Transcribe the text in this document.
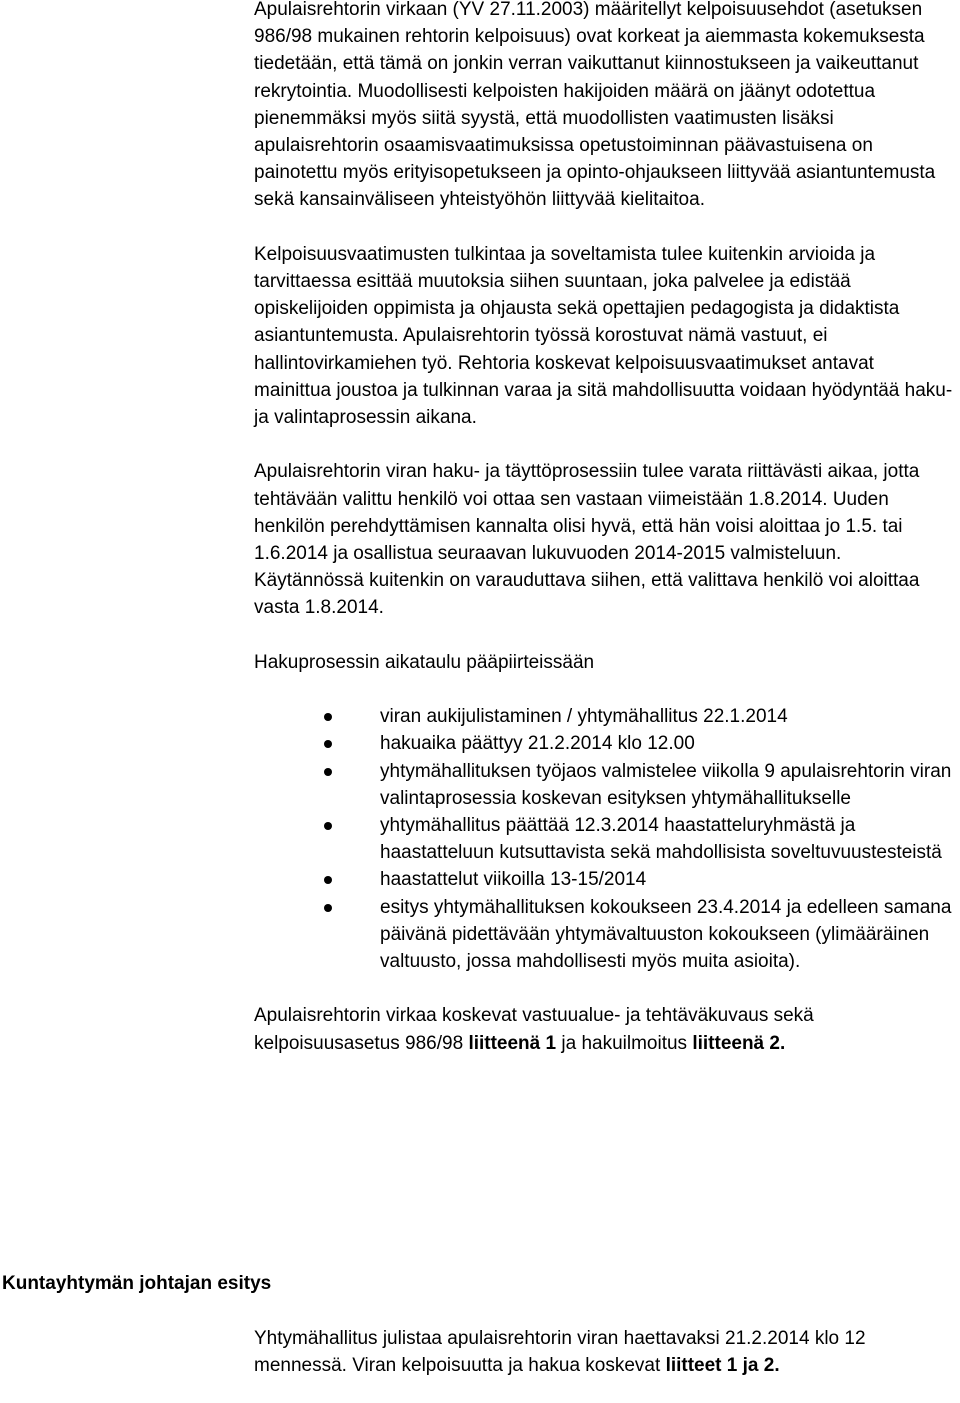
Apulaisrehtorin virkaan (YV 27.11.2003) määritellyt kelpoisuusehdot (asetuksen 986/98 mukainen rehtorin kelpoisuus) ovat korkeat ja aiemmasta kokemuksesta tiedetään, että tämä on jonkin verran vaikuttanut kiinnostukseen ja vaikeuttanut rekrytointia. Muodollisesti kelpoisten hakijoiden määrä on jäänyt odotettua pienemmäksi myös siitä syystä, että muodollisten vaatimusten lisäksi apulaisrehtorin osaamisvaatimuksissa opetustoiminnan päävastuisena on painotettu myös erityisopetukseen ja opinto-ohjaukseen liittyvää asiantuntemusta sekä kansainväliseen yhteistyöhön liittyvää kielitaitoa.

Kelpoisuusvaatimusten tulkintaa ja soveltamista tulee kuitenkin arvioida ja tarvittaessa esittää muutoksia siihen suuntaan, joka palvelee ja edistää opiskelijoiden oppimista ja ohjausta sekä opettajien pedagogista ja didaktista asiantuntemusta. Apulaisrehtorin työssä korostuvat nämä vastuut, ei hallintovirkamiehen työ. Rehtoria koskevat kelpoisuusvaatimukset antavat mainittua joustoa ja tulkinnan varaa ja sitä mahdollisuutta voidaan hyödyntää haku- ja valintaprosessin aikana.

Apulaisrehtorin viran haku- ja täyttöprosessiin tulee varata riittävästi aikaa, jotta tehtävään valittu henkilö voi ottaa sen vastaan viimeistään 1.8.2014. Uuden henkilön perehdyttämisen kannalta olisi hyvä, että hän voisi aloittaa jo 1.5. tai 1.6.2014 ja osallistua seuraavan lukuvuoden 2014-2015 valmisteluun. Käytännössä kuitenkin on varauduttava siihen, että valittava henkilö voi aloittaa vasta 1.8.2014.

Hakuprosessin aikataulu pääpiirteissään

viran aukijulistaminen / yhtymähallitus 22.1.2014
hakuaika päättyy 21.2.2014 klo 12.00
yhtymähallituksen työjaos valmistelee viikolla 9 apulaisrehtorin viran valintaprosessia koskevan esityksen yhtymähallitukselle
yhtymähallitus päättää 12.3.2014 haastatteluryhmästä ja haastatteluun kutsuttavista sekä mahdollisista soveltuvuustesteistä
haastattelut viikoilla 13-15/2014
esitys yhtymähallituksen kokoukseen 23.4.2014 ja edelleen samana päivänä pidettävään yhtymävaltuuston kokoukseen (ylimääräinen valtuusto, jossa mahdollisesti myös muita asioita).

Apulaisrehtorin virkaa koskevat vastuualue- ja tehtäväkuvaus sekä kelpoisuusasetus 986/98 liitteenä 1 ja hakuilmoitus liitteenä 2.

Kuntayhtymän johtajan esitys
Yhtymähallitus julistaa apulaisrehtorin viran haettavaksi 21.2.2014 klo 12 mennessä. Viran kelpoisuutta ja hakua koskevat liitteet 1 ja 2.
